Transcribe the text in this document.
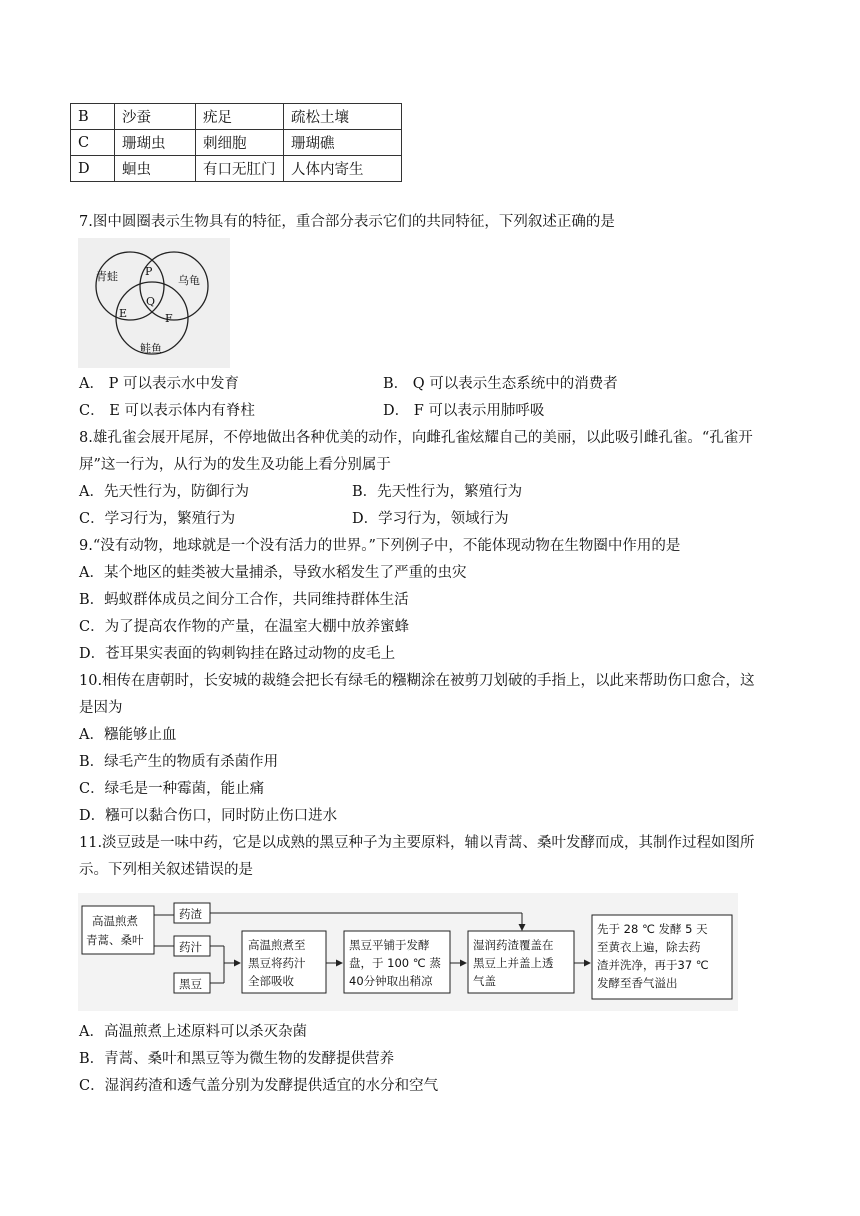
B	沙蚕	疣足	疏松土壤
C	珊瑚虫	刺细胞	珊瑚礁
D	蛔虫	有口无肛门	人体内寄生
7.图中圆圈表示生物具有的特征，重合部分表示它们的共同特征，下列叙述正确的是
青蛙	乌龟
鲑鱼
P
Q
E	F
A． P 可以表示水中发育	B． Q 可以表示生态系统中的消费者
C． E 可以表示体内有脊柱	D． F 可以表示用肺呼吸
8.雄孔雀会展开尾屏，不停地做出各种优美的动作，向雌孔雀炫耀自己的美丽，以此吸引雌孔雀。“孔雀开
屏”这一行为，从行为的发生及功能上看分别属于
A．先天性行为，防御行为	B．先天性行为，繁殖行为
C．学习行为，繁殖行为	D．学习行为，领域行为
9.“没有动物，地球就是一个没有活力的世界。”下列例子中，不能体现动物在生物圈中作用的是
A．某个地区的蛙类被大量捕杀，导致水稻发生了严重的虫灾
B．蚂蚁群体成员之间分工合作，共同维持群体生活
C．为了提高农作物的产量，在温室大棚中放养蜜蜂
D．苍耳果实表面的钩刺钩挂在路过动物的皮毛上
10.相传在唐朝时，长安城的裁缝会把长有绿毛的糨糊涂在被剪刀划破的手指上，以此来帮助伤口愈合，这
是因为
A．糨能够止血
B．绿毛产生的物质有杀菌作用
C．绿毛是一种霉菌，能止痛
D．糨可以黏合伤口，同时防止伤口进水
11.淡豆豉是一味中药，它是以成熟的黑豆种子为主要原料，辅以青蒿、桑叶发酵而成，其制作过程如图所
示。下列相关叙述错误的是
高温煎煮
青蒿、桑叶
药渣
药汁
黑豆
高温煎煮至
黑豆将药汁
全部吸收
黑豆平铺于发酵
盘，于 100 ℃ 蒸
40分钟取出稍凉
湿润药渣覆盖在
黑豆上并盖上透
气盖
先于 28 ℃ 发酵 5 天
至黄衣上遍，除去药
渣并洗净，再于37 ℃
发酵至香气溢出
A．高温煎煮上述原料可以杀灭杂菌
B．青蒿、桑叶和黑豆等为微生物的发酵提供营养
C．湿润药渣和透气盖分别为发酵提供适宜的水分和空气
